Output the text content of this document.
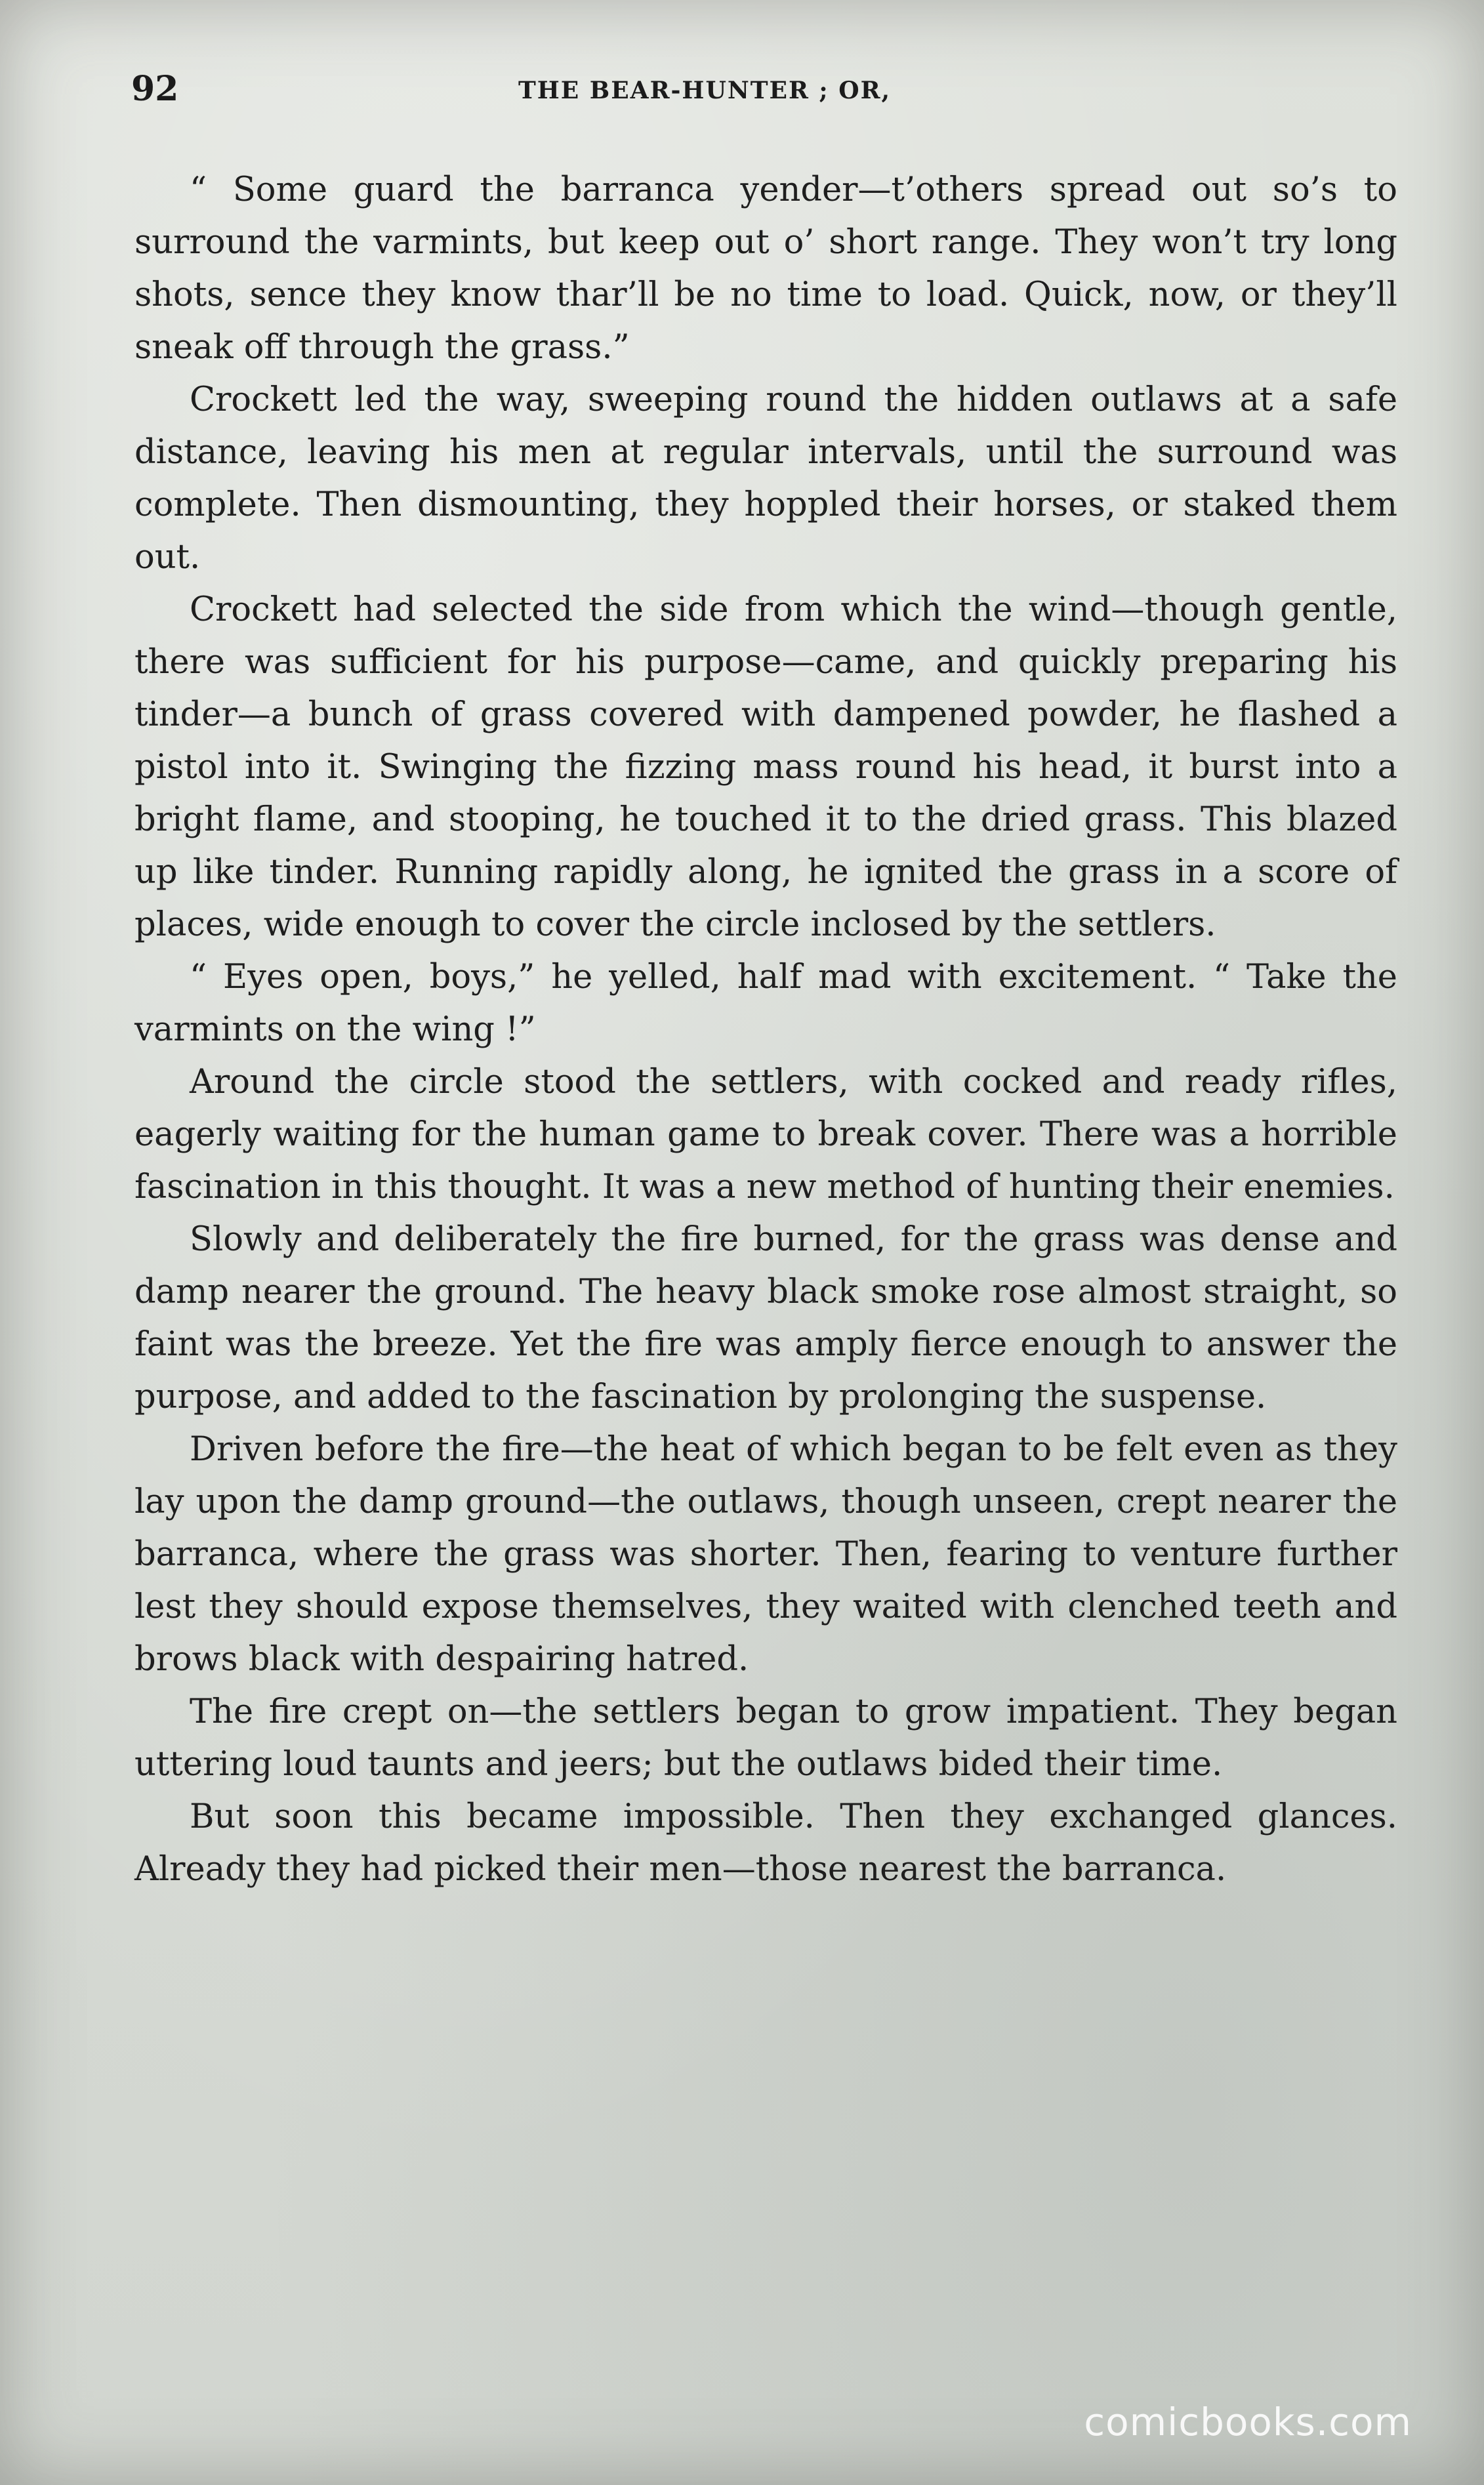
92	THE BEAR-HUNTER ; OR,

“ Some guard the barranca yender—t’others spread out so’s to surround the varmints, but keep out o’ short range. They won’t try long shots, sence they know thar’ll be no time to load. Quick, now, or they’ll sneak off through the grass.”

Crockett led the way, sweeping round the hidden outlaws at a safe distance, leaving his men at regular intervals, until the surround was complete. Then dismounting, they hoppled their horses, or staked them out.

Crockett had selected the side from which the wind—though gentle, there was sufficient for his purpose—came, and quickly preparing his tinder—a bunch of grass covered with dampened powder, he flashed a pistol into it. Swinging the fizzing mass round his head, it burst into a bright flame, and stooping, he touched it to the dried grass. This blazed up like tinder. Running rapidly along, he ignited the grass in a score of places, wide enough to cover the circle inclosed by the settlers.

“ Eyes open, boys,” he yelled, half mad with excitement. “ Take the varmints on the wing !”

Around the circle stood the settlers, with cocked and ready rifles, eagerly waiting for the human game to break cover. There was a horrible fascination in this thought. It was a new method of hunting their enemies.

Slowly and deliberately the fire burned, for the grass was dense and damp nearer the ground. The heavy black smoke rose almost straight, so faint was the breeze. Yet the fire was amply fierce enough to answer the purpose, and added to the fascination by prolonging the suspense.

Driven before the fire—the heat of which began to be felt even as they lay upon the damp ground—the outlaws, though unseen, crept nearer the barranca, where the grass was shorter. Then, fearing to venture further lest they should expose themselves, they waited with clenched teeth and brows black with despairing hatred.

The fire crept on—the settlers began to grow impatient. They began uttering loud taunts and jeers; but the outlaws bided their time.

But soon this became impossible. Then they exchanged glances. Already they had picked their men—those nearest the barranca.

comicbooks.com
